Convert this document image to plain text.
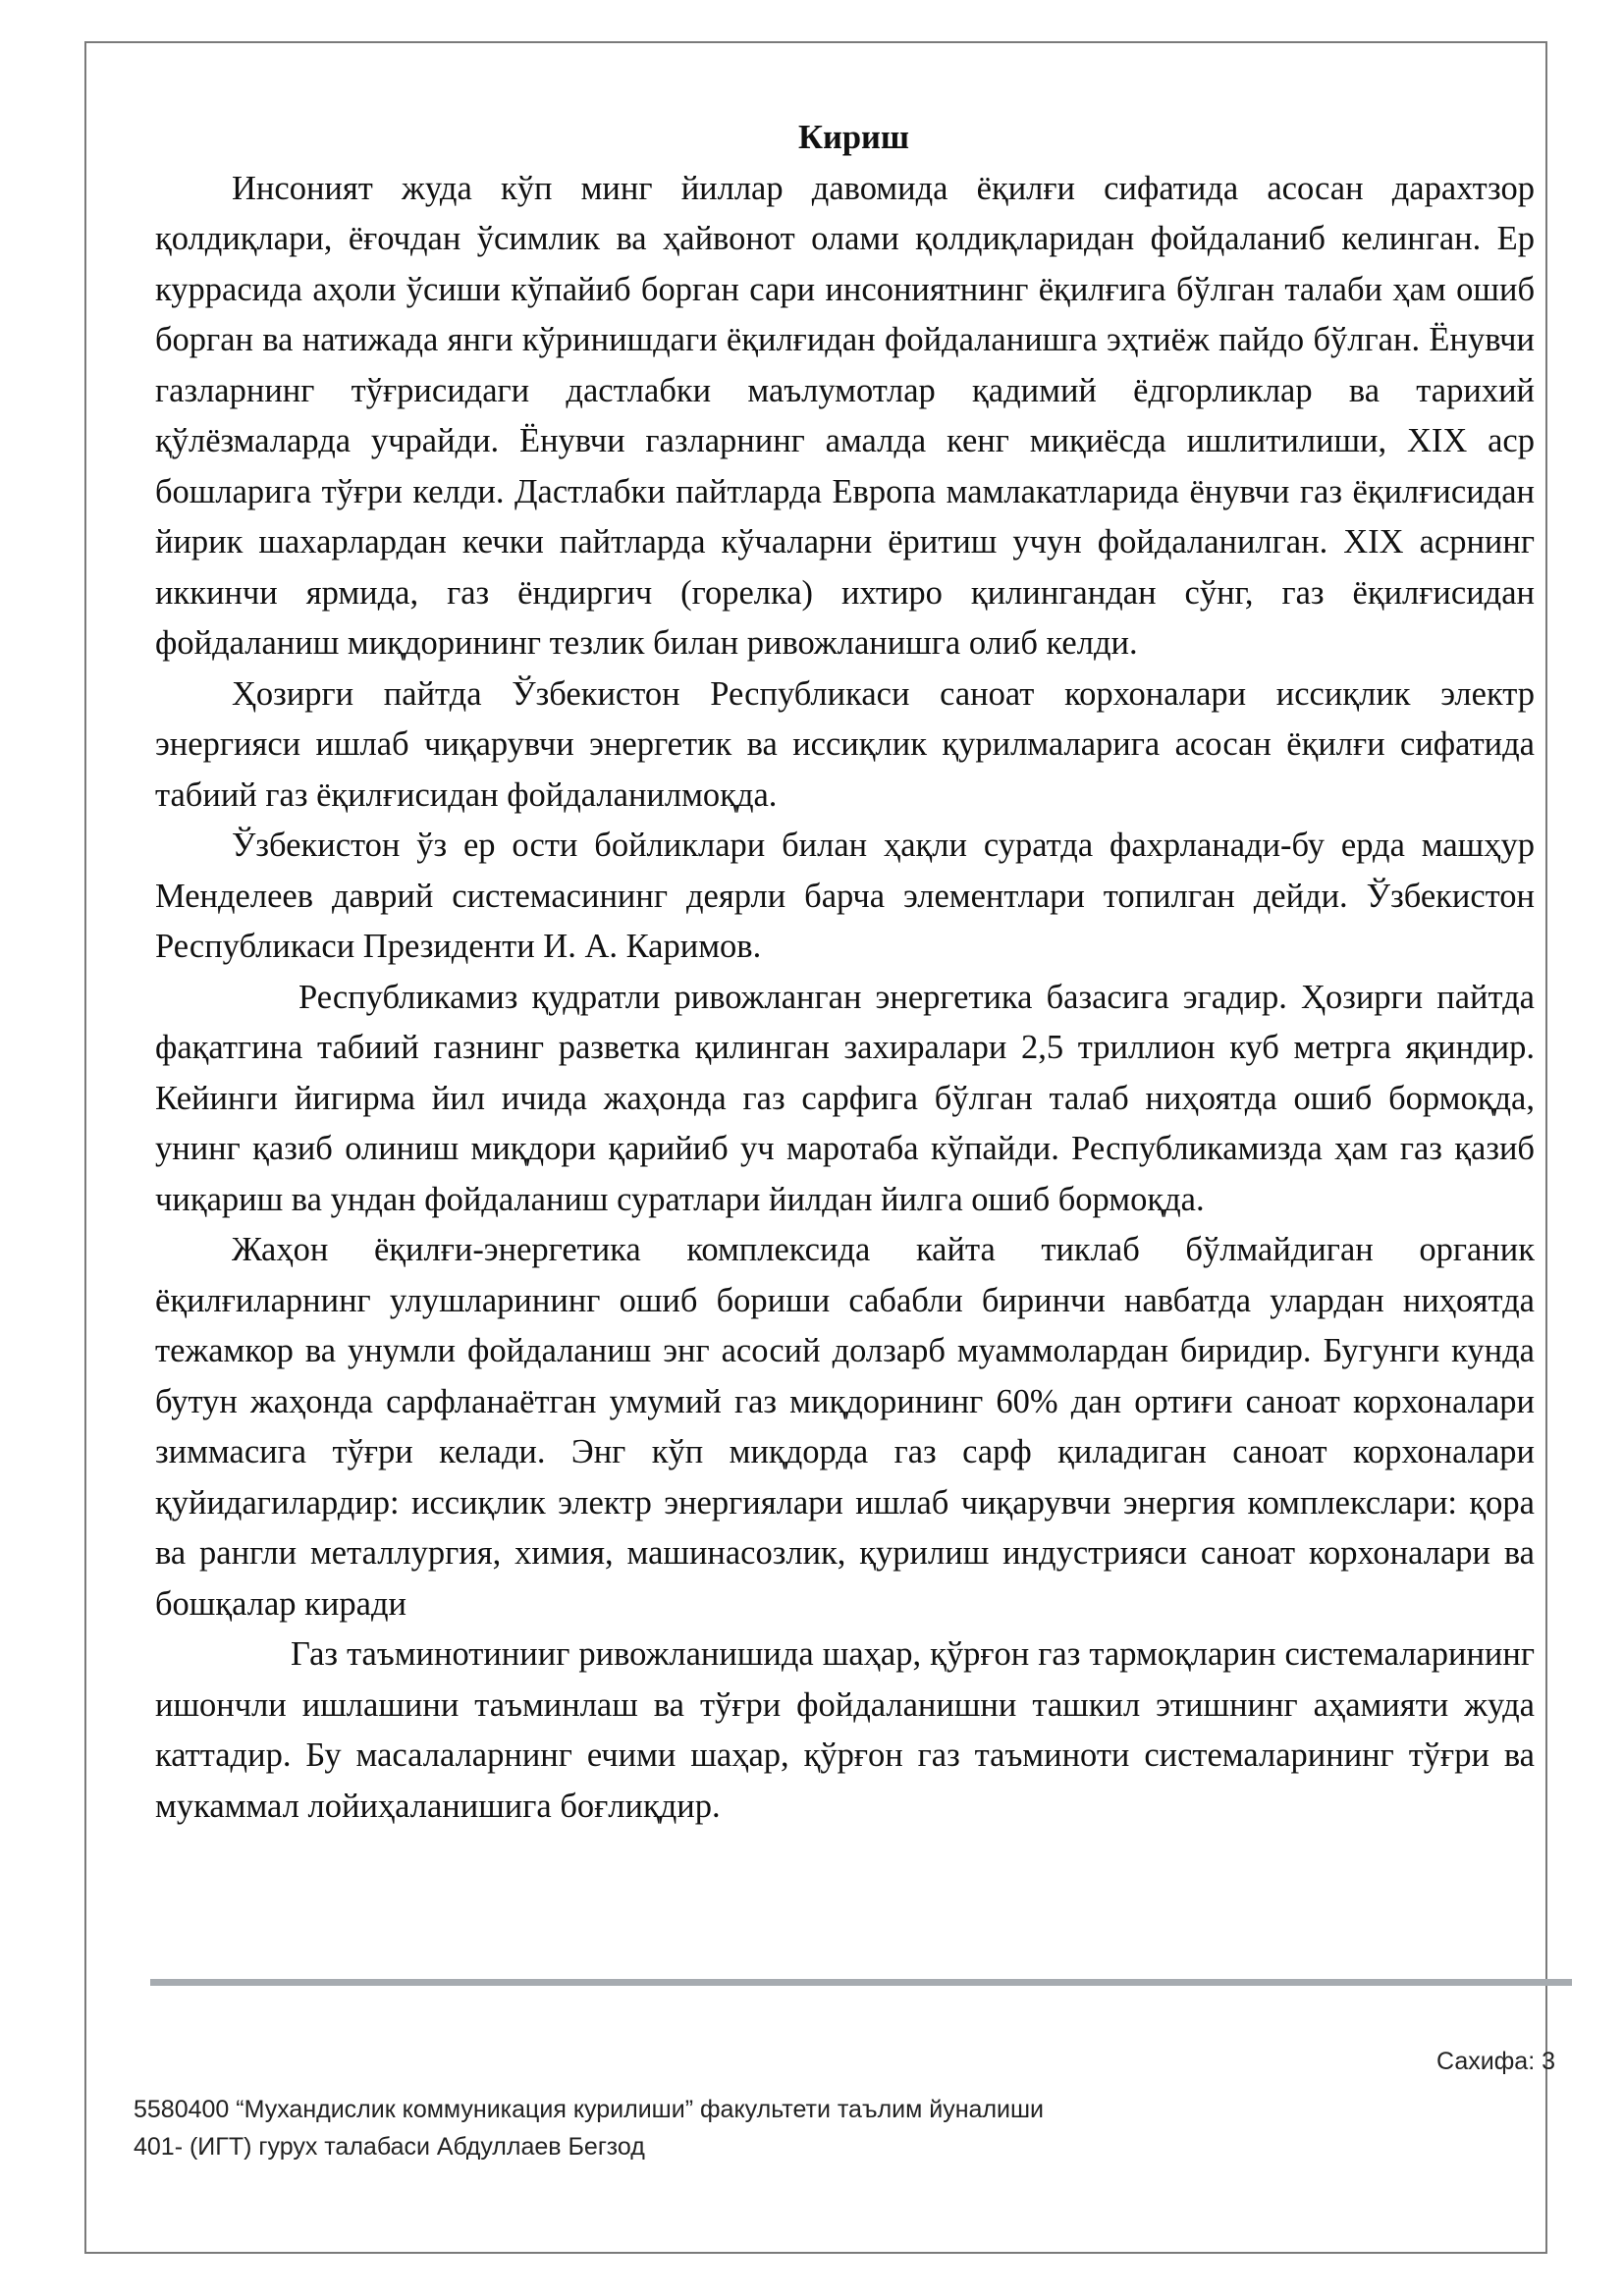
Кириш

Инсоният жуда кўп минг йиллар давомида ёқилғи сифатида асосан дарахтзор қолдиқлари, ёғочдан ўсимлик ва ҳайвонот олами қолдиқларидан фойдаланиб келинган. Ер куррасида аҳоли ўсиши кўпайиб борган сари инсониятнинг ёқилғига бўлган талаби ҳам ошиб борган ва натижада янги кўринишдаги ёқилғидан фойдаланишга эҳтиёж пайдо бўлган. Ёнувчи газларнинг тўғрисидаги дастлабки маълумотлар қадимий ёдгорликлар ва тарихий қўлёзмаларда учрайди. Ёнувчи газларнинг амалда кенг миқиёсда ишлитилиши, XIX аср бошларига тўғри келди. Дастлабки пайтларда Европа мамлакатларида ёнувчи газ ёқилғисидан йирик шахарлардан кечки пайтларда кўчаларни ёритиш учун фойдаланилган. XIX асрнинг иккинчи ярмида, газ ёндиргич (горелка) ихтиро қилингандан сўнг, газ ёқилғисидан фойдаланиш миқдорининг тезлик билан ривожланишга олиб келди.

Ҳозирги пайтда Ўзбекистон Республикаси саноат корхоналари иссиқлик электр энергияси ишлаб чиқарувчи энергетик ва иссиқлик қурилмаларига асосан ёқилғи сифатида табиий газ ёқилғисидан фойдаланилмоқда.

Ўзбекистон ўз ер ости бойликлари билан ҳақли суратда фахрланади-бу ерда машҳур Менделеев даврий системасининг деярли барча элементлари топилган дейди. Ўзбекистон Республикаси Президенти И. А. Каримов.

Республикамиз қудратли ривожланган энергетика базасига эгадир. Ҳозирги пайтда фақатгина табиий газнинг разветка қилинган захиралари 2,5 триллион куб метрга яқиндир. Кейинги йигирма йил ичида жаҳонда газ сарфига бўлган талаб ниҳоятда ошиб бормоқда, унинг қазиб олиниш миқдори қарийиб уч маротаба кўпайди. Республикамизда ҳам газ қазиб чиқариш ва ундан фойдаланиш суратлари йилдан йилга ошиб бормоқда.

Жаҳон ёқилғи-энергетика комплексида кайта тиклаб бўлмайдиган органик ёқилғиларнинг улушларининг ошиб бориши сабабли биринчи навбатда улардан ниҳоятда тежамкор ва унумли фойдаланиш энг асосий долзарб муаммолардан биридир. Бугунги кунда бутун жаҳонда сарфланаётган умумий газ миқдорининг 60% дан ортиғи саноат корхоналари зиммасига тўғри келади. Энг кўп миқдорда газ сарф қиладиган саноат корхоналари қуйидагилардир: иссиқлик электр энергиялари ишлаб чиқарувчи энергия комплекслари: қора ва рангли металлургия, химия, машинасозлик, қурилиш индустрияси саноат корхоналари ва бошқалар киради

Газ таъминотинииг ривожланишида шаҳар, қўрғон газ тармоқларин системаларининг ишончли ишлашини таъминлаш ва тўғри фойдаланишни ташкил этишнинг аҳамияти жуда каттадир. Бу масалаларнинг ечими шаҳар, қўрғон газ таъминоти системаларининг тўғри ва мукаммал лойиҳаланишига боғлиқдир.

Сахифа: 3
5580400 “Мухандислик коммуникация курилиши” факультети таълим йуналиши
401- (ИГТ) гурух талабаси Абдуллаев Бегзод
